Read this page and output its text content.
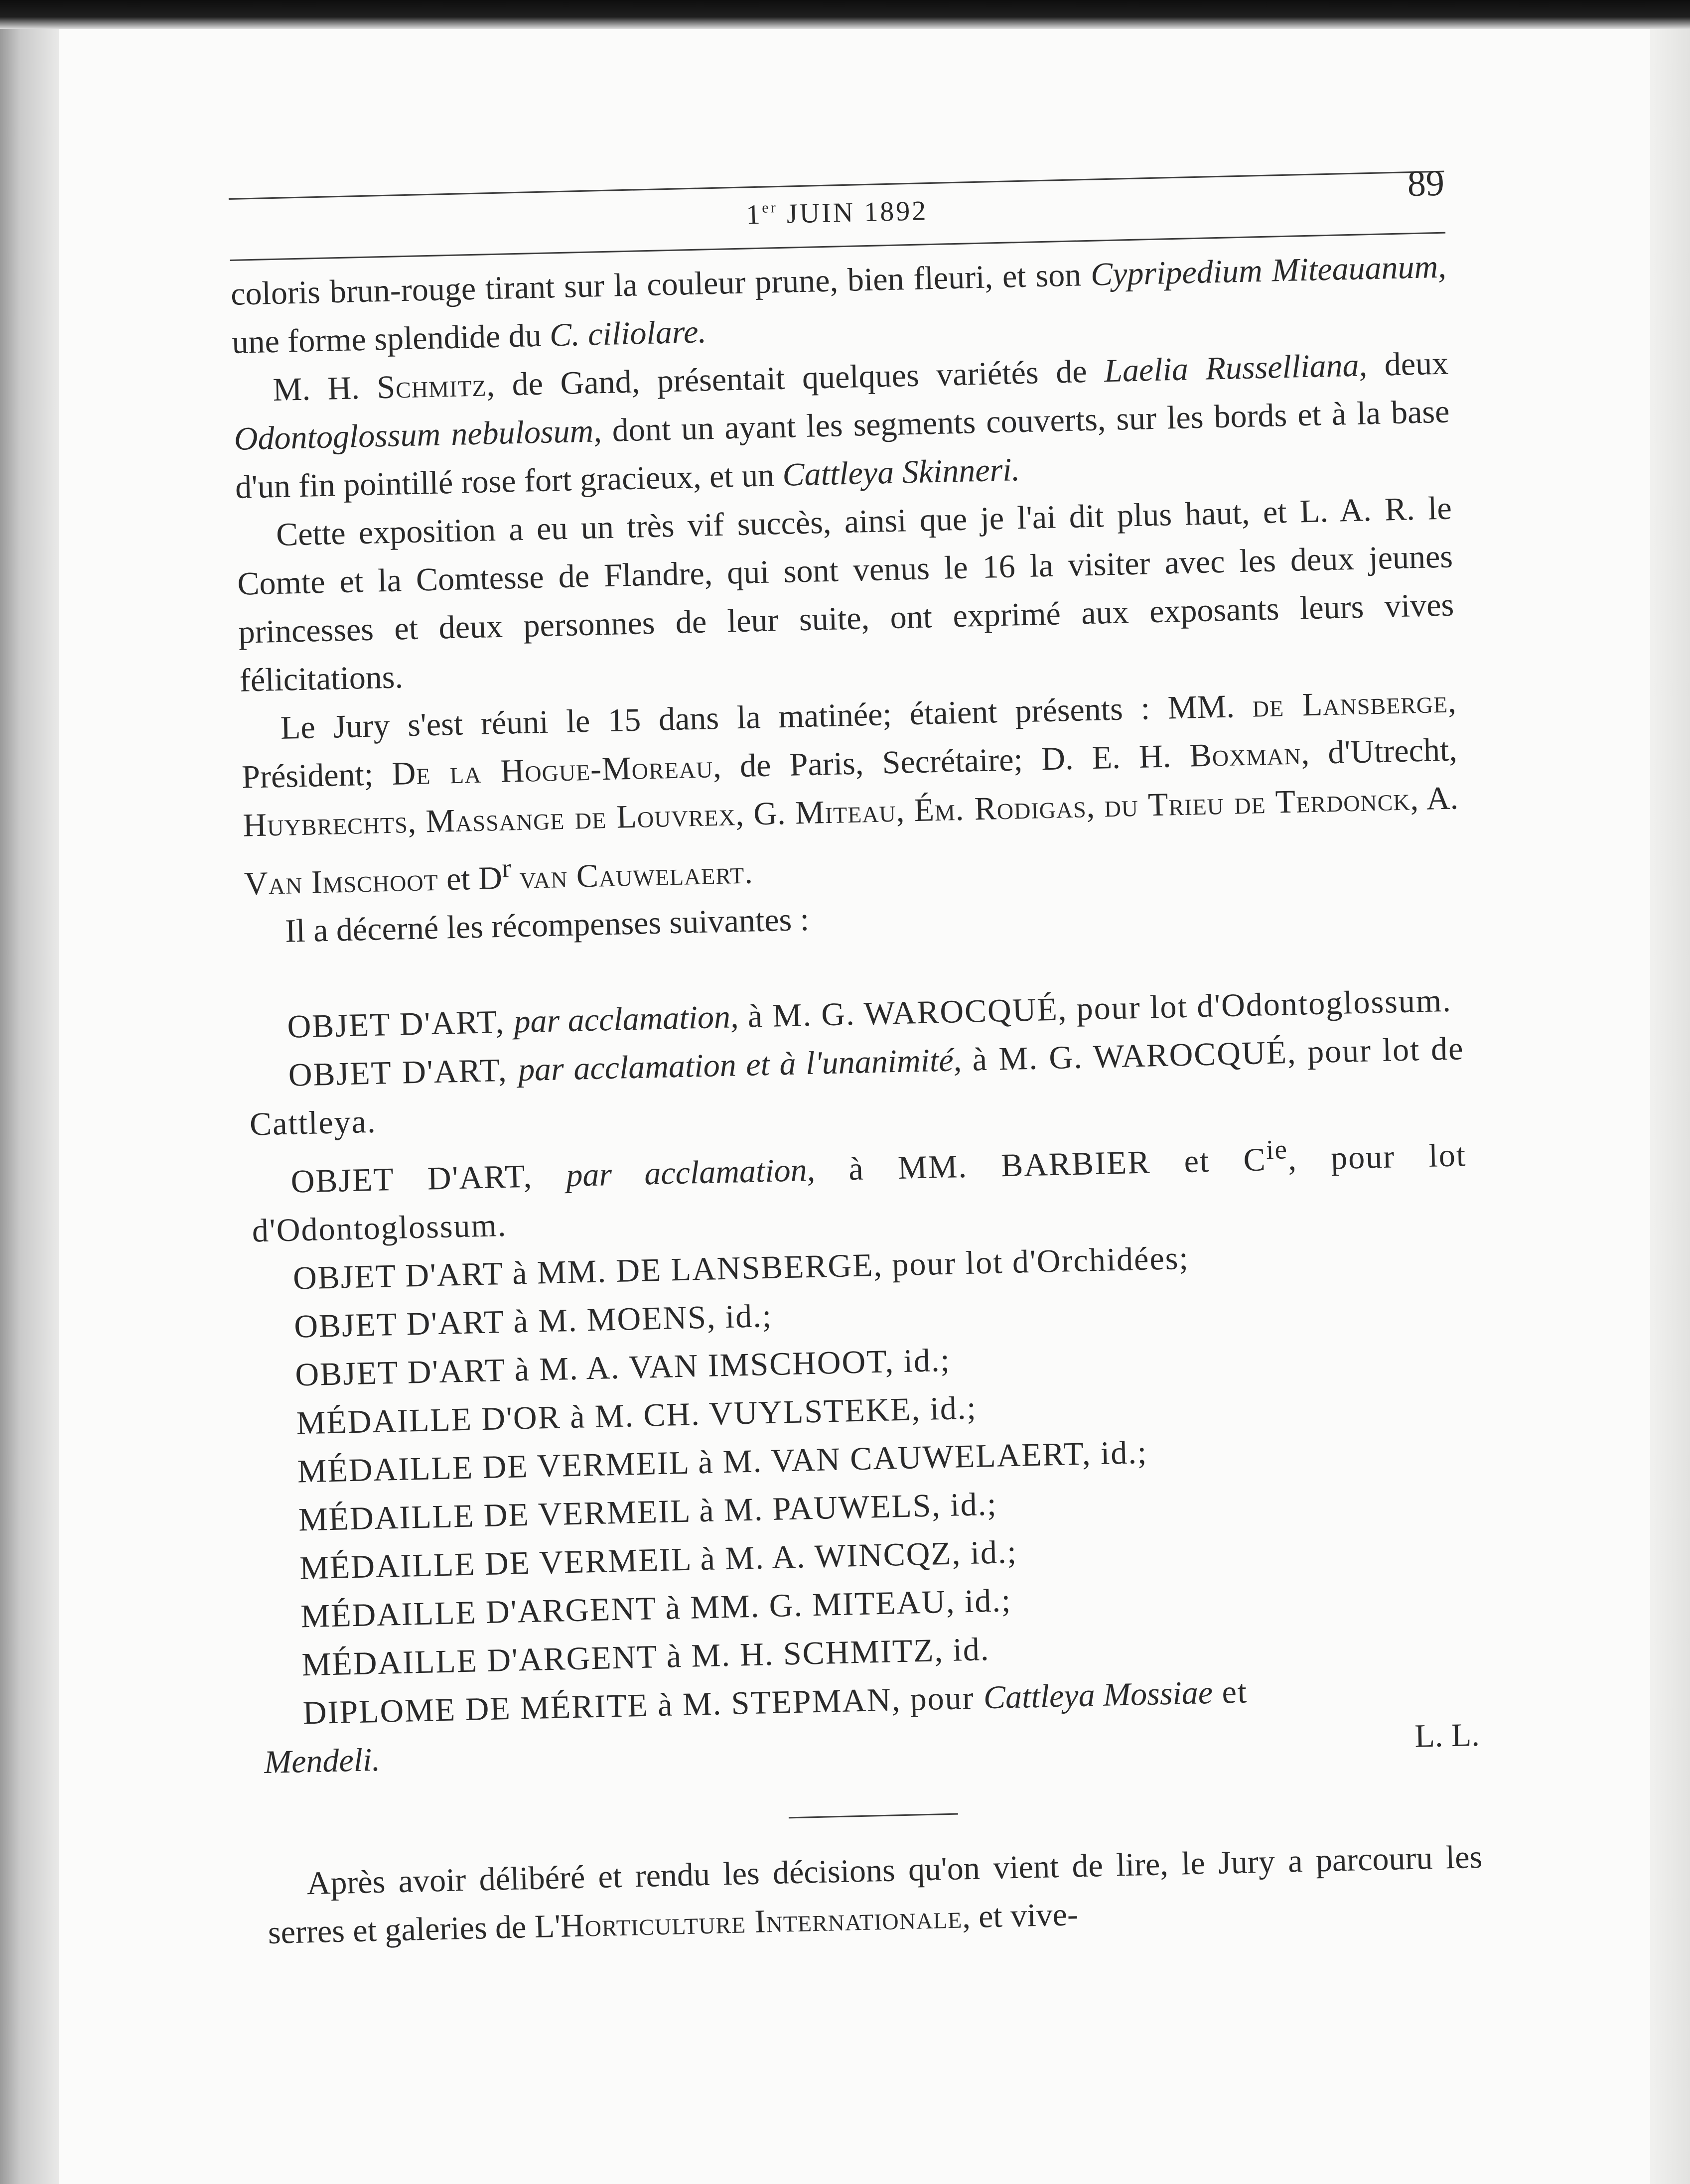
1er JUIN 1892
89

coloris brun-rouge tirant sur la couleur prune, bien fleuri, et son Cypripedium Miteauanum, une forme splendide du C. ciliolare.

M. H. Schmitz, de Gand, présentait quelques variétés de Laelia Russelliana, deux Odontoglossum nebulosum, dont un ayant les segments couverts, sur les bords et à la base d'un fin pointillé rose fort gracieux, et un Cattleya Skinneri.

Cette exposition a eu un très vif succès, ainsi que je l'ai dit plus haut, et L. A. R. le Comte et la Comtesse de Flandre, qui sont venus le 16 la visiter avec les deux jeunes princesses et deux personnes de leur suite, ont exprimé aux exposants leurs vives félicitations.

Le Jury s'est réuni le 15 dans la matinée; étaient présents : MM. de Lansberge, Président; De la Hogue-Moreau, de Paris, Secrétaire; D. E. H. Boxman, d'Utrecht, Huybrechts, Massange de Louvrex, G. Miteau, Ém. Rodigas, du Trieu de Terdonck, A. Van Imschoot et $D^r$ van Cauwelaert.

Il a décerné les récompenses suivantes :

OBJET D'ART, par acclamation, à M. G. WAROCQUÉ, pour lot d'Odontoglossum.

OBJET D'ART, par acclamation et à l'unanimité, à M. G. WAROCQUÉ, pour lot de Cattleya.

OBJET D'ART, par acclamation, à MM. BARBIER et $C^{ie}$, pour lot d'Odontoglossum.

OBJET D'ART à MM. DE LANSBERGE, pour lot d'Orchidées;

OBJET D'ART à M. MOENS, id.;

OBJET D'ART à M. A. VAN IMSCHOOT, id.;

MÉDAILLE D'OR à M. CH. VUYLSTEKE, id.;

MÉDAILLE DE VERMEIL à M. VAN CAUWELAERT, id.;

MÉDAILLE DE VERMEIL à M. PAUWELS, id.;

MÉDAILLE DE VERMEIL à M. A. WINCQZ, id.;

MÉDAILLE D'ARGENT à MM. G. MITEAU, id.;

MÉDAILLE D'ARGENT à M. H. SCHMITZ, id.

DIPLOME DE MÉRITE à M. STEPMAN, pour Cattleya Mossiae et

Mendeli.
L. L.

Après avoir délibéré et rendu les décisions qu'on vient de lire, le Jury a parcouru les serres et galeries de L'Horticulture Internationale, et vive-
